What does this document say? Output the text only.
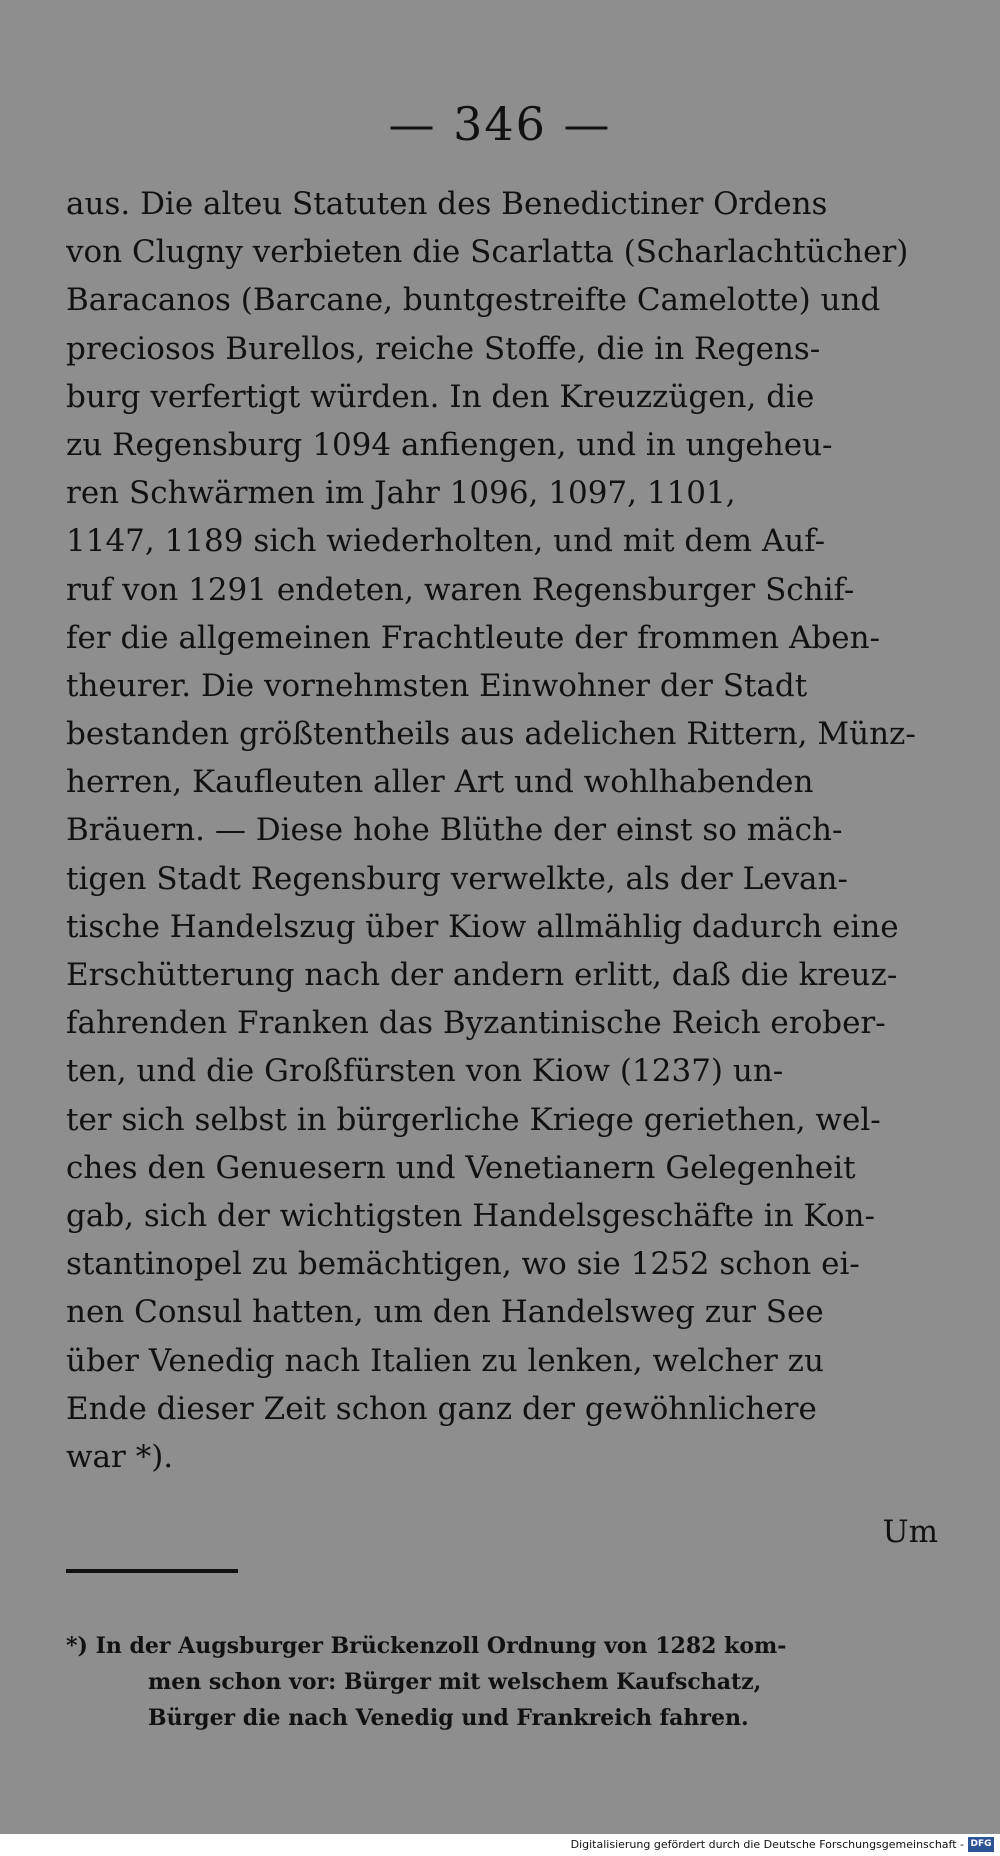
— 346 —
aus. Die alteu Statuten des Benedictiner Ordens
von Clugny verbieten die Scarlatta (Scharlachtücher)
Baracanos (Barcane, buntgestreifte Camelotte) und
preciosos Burellos, reiche Stoffe, die in Regens-
burg verfertigt würden. In den Kreuzzügen, die
zu Regensburg 1094 anfiengen, und in ungeheu-
ren Schwärmen im Jahr 1096, 1097, 1101,
1147, 1189 sich wiederholten, und mit dem Auf-
ruf von 1291 endeten, waren Regensburger Schif-
fer die allgemeinen Frachtleute der frommen Aben-
theurer. Die vornehmsten Einwohner der Stadt
bestanden größtentheils aus adelichen Rittern, Münz-
herren, Kaufleuten aller Art und wohlhabenden
Bräuern. — Diese hohe Blüthe der einst so mäch-
tigen Stadt Regensburg verwelkte, als der Levan-
tische Handelszug über Kiow allmählig dadurch eine
Erschütterung nach der andern erlitt, daß die kreuz-
fahrenden Franken das Byzantinische Reich erober-
ten, und die Großfürsten von Kiow (1237) un-
ter sich selbst in bürgerliche Kriege geriethen, wel-
ches den Genuesern und Venetianern Gelegenheit
gab, sich der wichtigsten Handelsgeschäfte in Kon-
stantinopel zu bemächtigen, wo sie 1252 schon ei-
nen Consul hatten, um den Handelsweg zur See
über Venedig nach Italien zu lenken, welcher zu
Ende dieser Zeit schon ganz der gewöhnlichere
war *).
Um
*) In der Augsburger Brückenzoll Ordnung von 1282 kom-
men schon vor: Bürger mit welschem Kaufschatz,
Bürger die nach Venedig und Frankreich fahren.
Digitalisierung gefördert durch die Deutsche Forschungsgemeinschaft - DFG
